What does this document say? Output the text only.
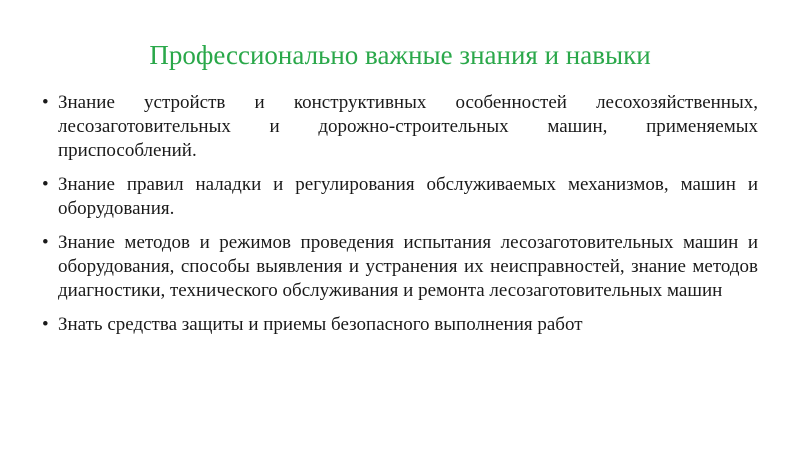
Профессионально важные знания и навыки
• Знание устройств и конструктивных особенностей лесохозяйственных, лесозаготовительных и дорожно-строительных машин, применяемых приспособлений.
• Знание правил наладки и регулирования обслуживаемых механизмов, машин и оборудования.
• Знание методов и режимов проведения испытания лесозаготовительных машин и оборудования, способы выявления и устранения их неисправностей, знание методов диагностики, технического обслуживания и ремонта лесозаготовительных машин
• Знать средства защиты и приемы безопасного выполнения работ
